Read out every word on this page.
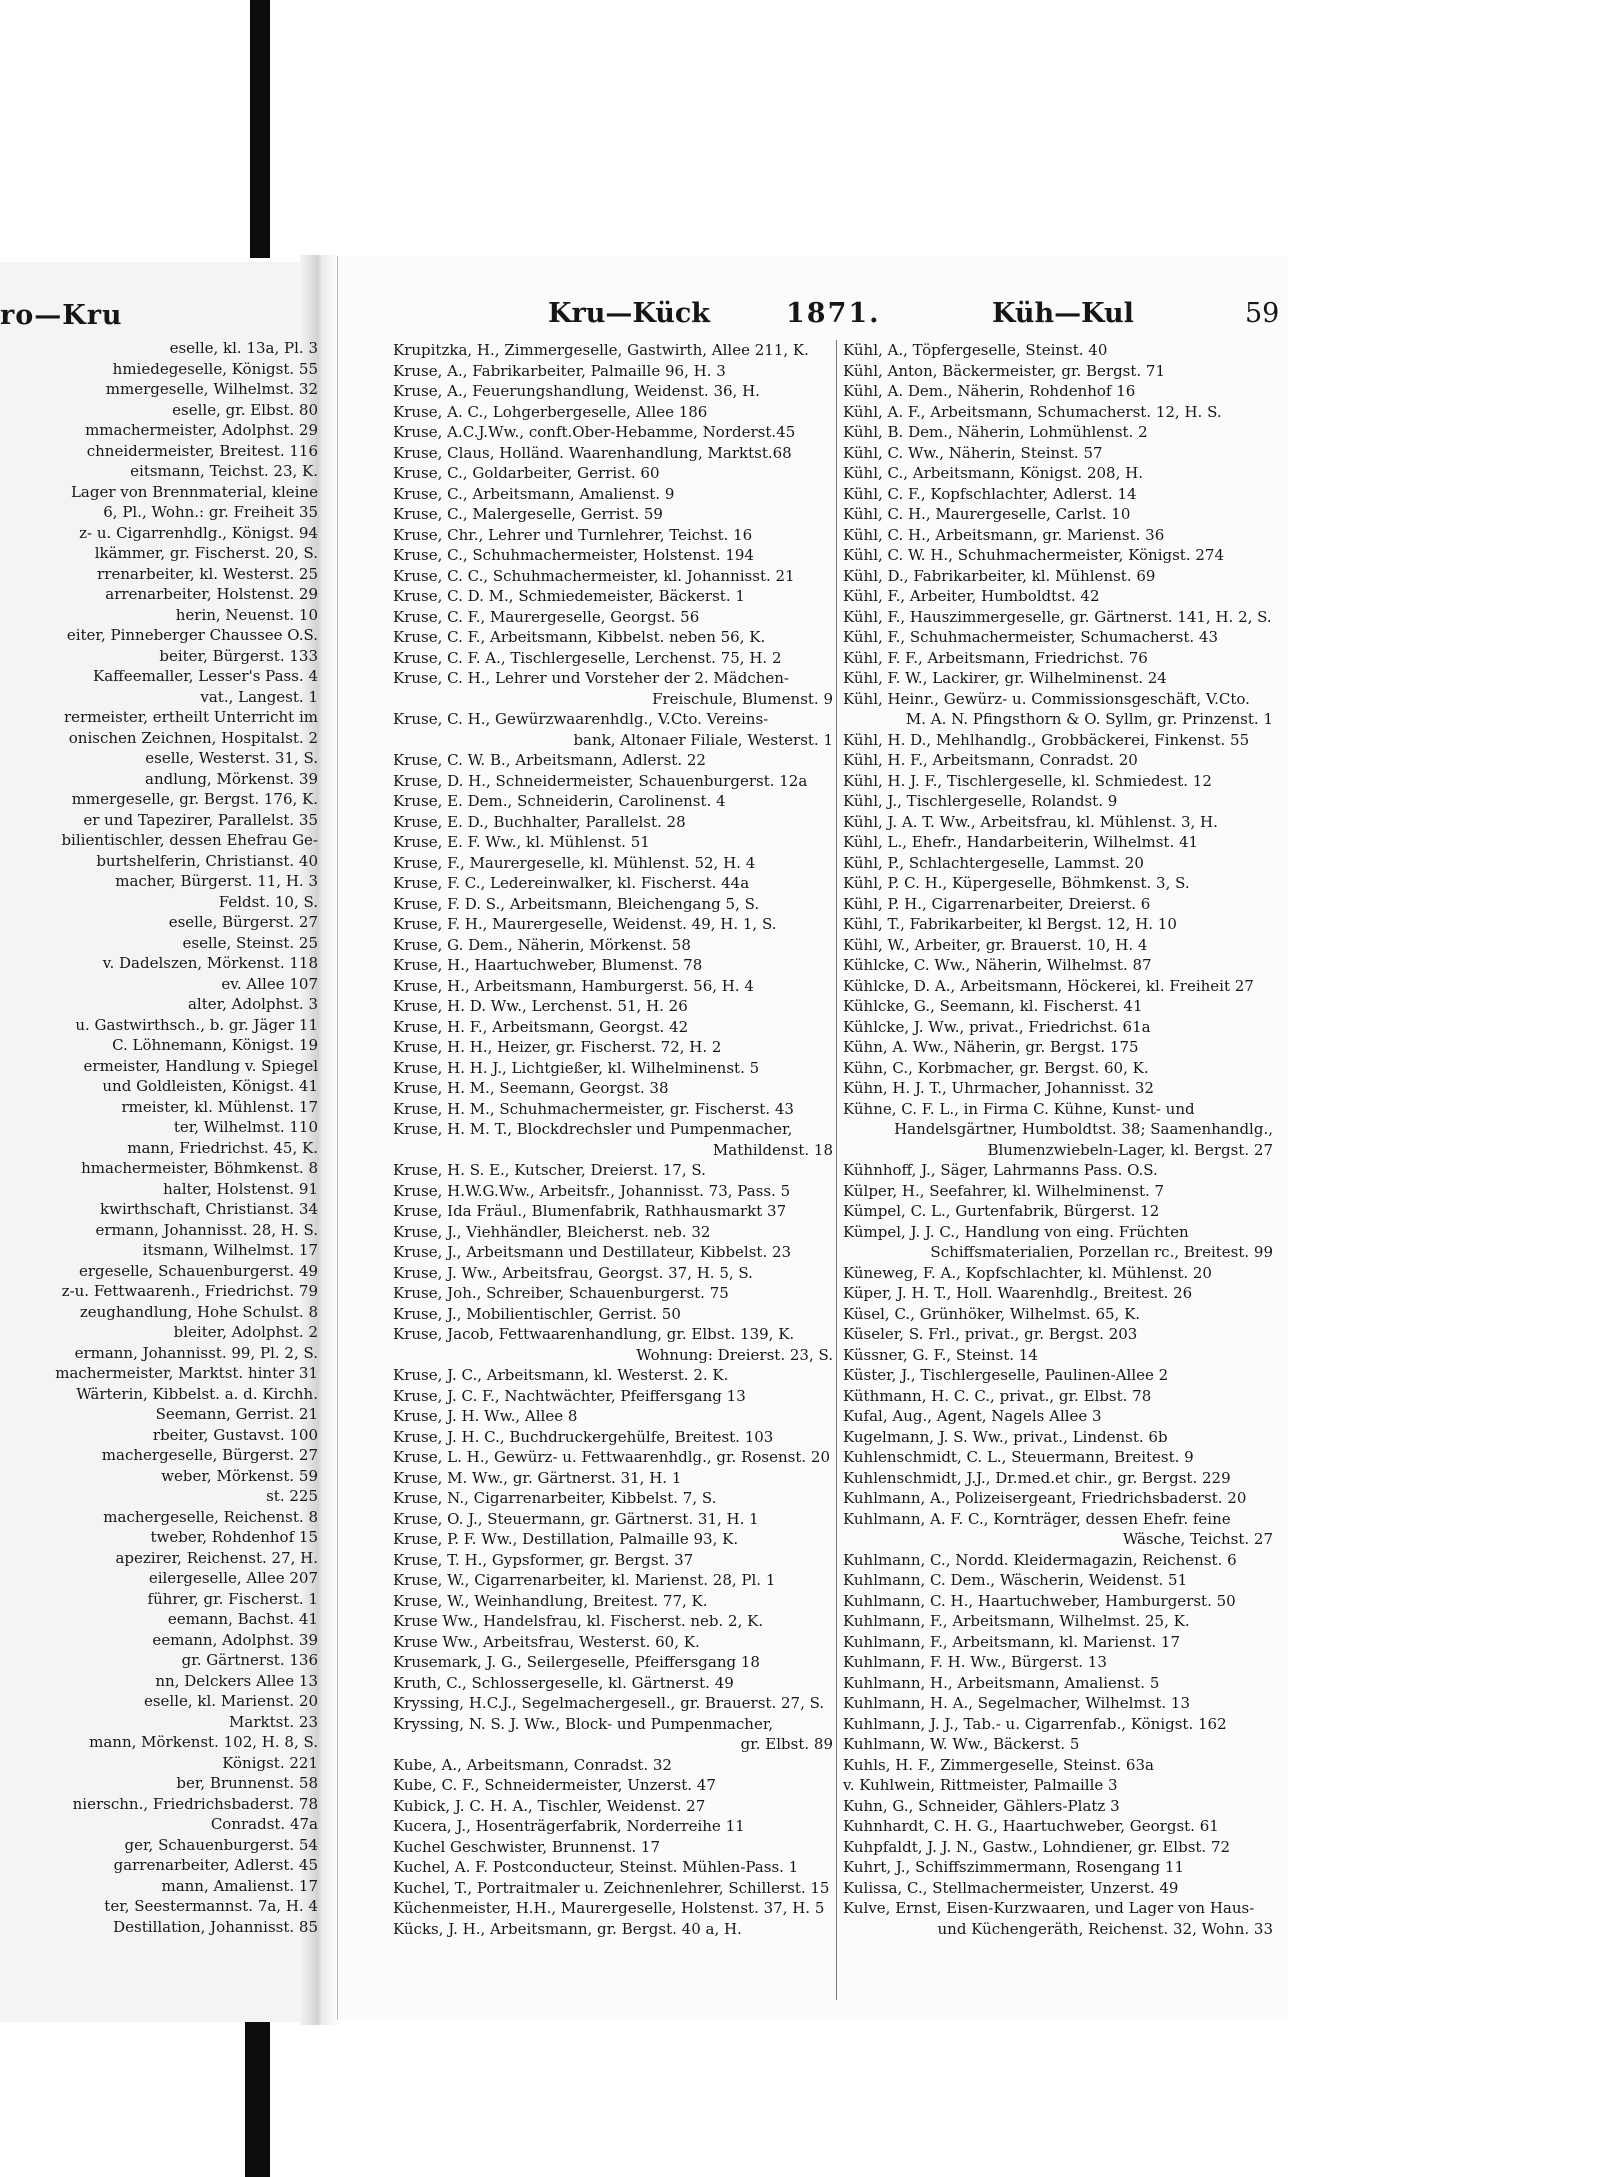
ro—Kru	Kru—Kück	1871.	Küh—Kul	59
eselle, kl. 13a, Pl. 3
hmiedegeselle, Königst. 55
mmergeselle, Wilhelmst. 32
eselle, gr. Elbst. 80
mmachermeister, Adolphst. 29
chneidermeister, Breitest. 116
eitsmann, Teichst. 23, K.
Lager von Brennmaterial, kleine
6, Pl., Wohn.: gr. Freiheit 35
z- u. Cigarrenhdlg., Königst. 94
lkämmer, gr. Fischerst. 20, S.
rrenarbeiter, kl. Westerst. 25
arrenarbeiter, Holstenst. 29
herin, Neuenst. 10
eiter, Pinneberger Chaussee O.S.
beiter, Bürgerst. 133
Kaffeemaller, Lesser's Pass. 4
vat., Langest. 1
rermeister, ertheilt Unterricht im
onischen Zeichnen, Hospitalst. 2
eselle, Westerst. 31, S.
andlung, Mörkenst. 39
mmergeselle, gr. Bergst. 176, K.
er und Tapezirer, Parallelst. 35
bilientischler, dessen Ehefrau Ge-
burtshelferin, Christianst. 40
macher, Bürgerst. 11, H. 3
Feldst. 10, S.
eselle, Bürgerst. 27
eselle, Steinst. 25
v. Dadelszen, Mörkenst. 118
ev. Allee 107
alter, Adolphst. 3
u. Gastwirthsch., b. gr. Jäger 11
C. Löhnemann, Königst. 19
ermeister, Handlung v. Spiegel
und Goldleisten, Königst. 41
rmeister, kl. Mühlenst. 17
ter, Wilhelmst. 110
mann, Friedrichst. 45, K.
hmachermeister, Böhmkenst. 8
halter, Holstenst. 91
kwirthschaft, Christianst. 34
ermann, Johannisst. 28, H. S.
itsmann, Wilhelmst. 17
ergeselle, Schauenburgerst. 49
z-u. Fettwaarenh., Friedrichst. 79
zeughandlung, Hohe Schulst. 8
bleiter, Adolphst. 2
ermann, Johannisst. 99, Pl. 2, S.
machermeister, Marktst. hinter 31
Wärterin, Kibbelst. a. d. Kirchh.
Seemann, Gerrist. 21
rbeiter, Gustavst. 100
machergeselle, Bürgerst. 27
weber, Mörkenst. 59
st. 225
machergeselle, Reichenst. 8
tweber, Rohdenhof 15
apezirer, Reichenst. 27, H.
eilergeselle, Allee 207
führer, gr. Fischerst. 1
eemann, Bachst. 41
eemann, Adolphst. 39
gr. Gärtnerst. 136
nn, Delckers Allee 13
eselle, kl. Marienst. 20
Marktst. 23
mann, Mörkenst. 102, H. 8, S.
Königst. 221
ber, Brunnenst. 58
nierschn., Friedrichsbaderst. 78
Conradst. 47a
ger, Schauenburgerst. 54
garrenarbeiter, Adlerst. 45
mann, Amalienst. 17
ter, Seestermannst. 7a, H. 4
Destillation, Johannisst. 85
Krupitzka, H., Zimmergeselle, Gastwirth, Allee 211, K.
Kruse, A., Fabrikarbeiter, Palmaille 96, H. 3
Kruse, A., Feuerungshandlung, Weidenst. 36, H.
Kruse, A. C., Lohgerbergeselle, Allee 186
Kruse, A.C.J.Ww., conft.Ober-Hebamme, Norderst.45
Kruse, Claus, Holländ. Waarenhandlung, Marktst.68
Kruse, C., Goldarbeiter, Gerrist. 60
Kruse, C., Arbeitsmann, Amalienst. 9
Kruse, C., Malergeselle, Gerrist. 59
Kruse, Chr., Lehrer und Turnlehrer, Teichst. 16
Kruse, C., Schuhmachermeister, Holstenst. 194
Kruse, C. C., Schuhmachermeister, kl. Johannisst. 21
Kruse, C. D. M., Schmiedemeister, Bäckerst. 1
Kruse, C. F., Maurergeselle, Georgst. 56
Kruse, C. F., Arbeitsmann, Kibbelst. neben 56, K.
Kruse, C. F. A., Tischlergeselle, Lerchenst. 75, H. 2
Kruse, C. H., Lehrer und Vorsteher der 2. Mädchen-
Freischule, Blumenst. 9
Kruse, C. H., Gewürzwaarenhdlg., V.Cto. Vereins-
bank, Altonaer Filiale, Westerst. 1
Kruse, C. W. B., Arbeitsmann, Adlerst. 22
Kruse, D. H., Schneidermeister, Schauenburgerst. 12a
Kruse, E. Dem., Schneiderin, Carolinenst. 4
Kruse, E. D., Buchhalter, Parallelst. 28
Kruse, E. F. Ww., kl. Mühlenst. 51
Kruse, F., Maurergeselle, kl. Mühlenst. 52, H. 4
Kruse, F. C., Ledereinwalker, kl. Fischerst. 44a
Kruse, F. D. S., Arbeitsmann, Bleichengang 5, S.
Kruse, F. H., Maurergeselle, Weidenst. 49, H. 1, S.
Kruse, G. Dem., Näherin, Mörkenst. 58
Kruse, H., Haartuchweber, Blumenst. 78
Kruse, H., Arbeitsmann, Hamburgerst. 56, H. 4
Kruse, H. D. Ww., Lerchenst. 51, H. 26
Kruse, H. F., Arbeitsmann, Georgst. 42
Kruse, H. H., Heizer, gr. Fischerst. 72, H. 2
Kruse, H. H. J., Lichtgießer, kl. Wilhelminenst. 5
Kruse, H. M., Seemann, Georgst. 38
Kruse, H. M., Schuhmachermeister, gr. Fischerst. 43
Kruse, H. M. T., Blockdrechsler und Pumpenmacher,
Mathildenst. 18
Kruse, H. S. E., Kutscher, Dreierst. 17, S.
Kruse, H.W.G.Ww., Arbeitsfr., Johannisst. 73, Pass. 5
Kruse, Ida Fräul., Blumenfabrik, Rathhausmarkt 37
Kruse, J., Viehhändler, Bleicherst. neb. 32
Kruse, J., Arbeitsmann und Destillateur, Kibbelst. 23
Kruse, J. Ww., Arbeitsfrau, Georgst. 37, H. 5, S.
Kruse, Joh., Schreiber, Schauenburgerst. 75
Kruse, J., Mobilientischler, Gerrist. 50
Kruse, Jacob, Fettwaarenhandlung, gr. Elbst. 139, K.
Wohnung: Dreierst. 23, S.
Kruse, J. C., Arbeitsmann, kl. Westerst. 2. K.
Kruse, J. C. F., Nachtwächter, Pfeiffersgang 13
Kruse, J. H. Ww., Allee 8
Kruse, J. H. C., Buchdruckergehülfe, Breitest. 103
Kruse, L. H., Gewürz- u. Fettwaarenhdlg., gr. Rosenst. 20
Kruse, M. Ww., gr. Gärtnerst. 31, H. 1
Kruse, N., Cigarrenarbeiter, Kibbelst. 7, S.
Kruse, O. J., Steuermann, gr. Gärtnerst. 31, H. 1
Kruse, P. F. Ww., Destillation, Palmaille 93, K.
Kruse, T. H., Gypsformer, gr. Bergst. 37
Kruse, W., Cigarrenarbeiter, kl. Marienst. 28, Pl. 1
Kruse, W., Weinhandlung, Breitest. 77, K.
Kruse Ww., Handelsfrau, kl. Fischerst. neb. 2, K.
Kruse Ww., Arbeitsfrau, Westerst. 60, K.
Krusemark, J. G., Seilergeselle, Pfeiffersgang 18
Kruth, C., Schlossergeselle, kl. Gärtnerst. 49
Kryssing, H.C.J., Segelmachergesell., gr. Brauerst. 27, S.
Kryssing, N. S. J. Ww., Block- und Pumpenmacher,
gr. Elbst. 89
Kube, A., Arbeitsmann, Conradst. 32
Kube, C. F., Schneidermeister, Unzerst. 47
Kubick, J. C. H. A., Tischler, Weidenst. 27
Kucera, J., Hosenträgerfabrik, Norderreihe 11
Kuchel Geschwister, Brunnenst. 17
Kuchel, A. F. Postconducteur, Steinst. Mühlen-Pass. 1
Kuchel, T., Portraitmaler u. Zeichnenlehrer, Schillerst. 15
Küchenmeister, H.H., Maurergeselle, Holstenst. 37, H. 5
Kücks, J. H., Arbeitsmann, gr. Bergst. 40 a, H.
Kühl, A., Töpfergeselle, Steinst. 40
Kühl, Anton, Bäckermeister, gr. Bergst. 71
Kühl, A. Dem., Näherin, Rohdenhof 16
Kühl, A. F., Arbeitsmann, Schumacherst. 12, H. S.
Kühl, B. Dem., Näherin, Lohmühlenst. 2
Kühl, C. Ww., Näherin, Steinst. 57
Kühl, C., Arbeitsmann, Königst. 208, H.
Kühl, C. F., Kopfschlachter, Adlerst. 14
Kühl, C. H., Maurergeselle, Carlst. 10
Kühl, C. H., Arbeitsmann, gr. Marienst. 36
Kühl, C. W. H., Schuhmachermeister, Königst. 274
Kühl, D., Fabrikarbeiter, kl. Mühlenst. 69
Kühl, F., Arbeiter, Humboldtst. 42
Kühl, F., Hauszimmergeselle, gr. Gärtnerst. 141, H. 2, S.
Kühl, F., Schuhmachermeister, Schumacherst. 43
Kühl, F. F., Arbeitsmann, Friedrichst. 76
Kühl, F. W., Lackirer, gr. Wilhelminenst. 24
Kühl, Heinr., Gewürz- u. Commissionsgeschäft, V.Cto.
M. A. N. Pfingsthorn & O. Syllm, gr. Prinzenst. 1
Kühl, H. D., Mehlhandlg., Grobbäckerei, Finkenst. 55
Kühl, H. F., Arbeitsmann, Conradst. 20
Kühl, H. J. F., Tischlergeselle, kl. Schmiedest. 12
Kühl, J., Tischlergeselle, Rolandst. 9
Kühl, J. A. T. Ww., Arbeitsfrau, kl. Mühlenst. 3, H.
Kühl, L., Ehefr., Handarbeiterin, Wilhelmst. 41
Kühl, P., Schlachtergeselle, Lammst. 20
Kühl, P. C. H., Küpergeselle, Böhmkenst. 3, S.
Kühl, P. H., Cigarrenarbeiter, Dreierst. 6
Kühl, T., Fabrikarbeiter, kl Bergst. 12, H. 10
Kühl, W., Arbeiter, gr. Brauerst. 10, H. 4
Kühlcke, C. Ww., Näherin, Wilhelmst. 87
Kühlcke, D. A., Arbeitsmann, Höckerei, kl. Freiheit 27
Kühlcke, G., Seemann, kl. Fischerst. 41
Kühlcke, J. Ww., privat., Friedrichst. 61a
Kühn, A. Ww., Näherin, gr. Bergst. 175
Kühn, C., Korbmacher, gr. Bergst. 60, K.
Kühn, H. J. T., Uhrmacher, Johannisst. 32
Kühne, C. F. L., in Firma C. Kühne, Kunst- und
Handelsgärtner, Humboldtst. 38; Saamenhandlg.,
Blumenzwiebeln-Lager, kl. Bergst. 27
Kühnhoff, J., Säger, Lahrmanns Pass. O.S.
Külper, H., Seefahrer, kl. Wilhelminenst. 7
Kümpel, C. L., Gurtenfabrik, Bürgerst. 12
Kümpel, J. J. C., Handlung von eing. Früchten
Schiffsmaterialien, Porzellan rc., Breitest. 99
Küneweg, F. A., Kopfschlachter, kl. Mühlenst. 20
Küper, J. H. T., Holl. Waarenhdlg., Breitest. 26
Küsel, C., Grünhöker, Wilhelmst. 65, K.
Küseler, S. Frl., privat., gr. Bergst. 203
Küssner, G. F., Steinst. 14
Küster, J., Tischlergeselle, Paulinen-Allee 2
Küthmann, H. C. C., privat., gr. Elbst. 78
Kufal, Aug., Agent, Nagels Allee 3
Kugelmann, J. S. Ww., privat., Lindenst. 6b
Kuhlenschmidt, C. L., Steuermann, Breitest. 9
Kuhlenschmidt, J.J., Dr.med.et chir., gr. Bergst. 229
Kuhlmann, A., Polizeisergeant, Friedrichsbaderst. 20
Kuhlmann, A. F. C., Kornträger, dessen Ehefr. feine
Wäsche, Teichst. 27
Kuhlmann, C., Nordd. Kleidermagazin, Reichenst. 6
Kuhlmann, C. Dem., Wäscherin, Weidenst. 51
Kuhlmann, C. H., Haartuchweber, Hamburgerst. 50
Kuhlmann, F., Arbeitsmann, Wilhelmst. 25, K.
Kuhlmann, F., Arbeitsmann, kl. Marienst. 17
Kuhlmann, F. H. Ww., Bürgerst. 13
Kuhlmann, H., Arbeitsmann, Amalienst. 5
Kuhlmann, H. A., Segelmacher, Wilhelmst. 13
Kuhlmann, J. J., Tab.- u. Cigarrenfab., Königst. 162
Kuhlmann, W. Ww., Bäckerst. 5
Kuhls, H. F., Zimmergeselle, Steinst. 63a
v. Kuhlwein, Rittmeister, Palmaille 3
Kuhn, G., Schneider, Gählers-Platz 3
Kuhnhardt, C. H. G., Haartuchweber, Georgst. 61
Kuhpfaldt, J. J. N., Gastw., Lohndiener, gr. Elbst. 72
Kuhrt, J., Schiffszimmermann, Rosengang 11
Kulissa, C., Stellmachermeister, Unzerst. 49
Kulve, Ernst, Eisen-Kurzwaaren, und Lager von Haus-
und Küchengeräth, Reichenst. 32, Wohn. 33
